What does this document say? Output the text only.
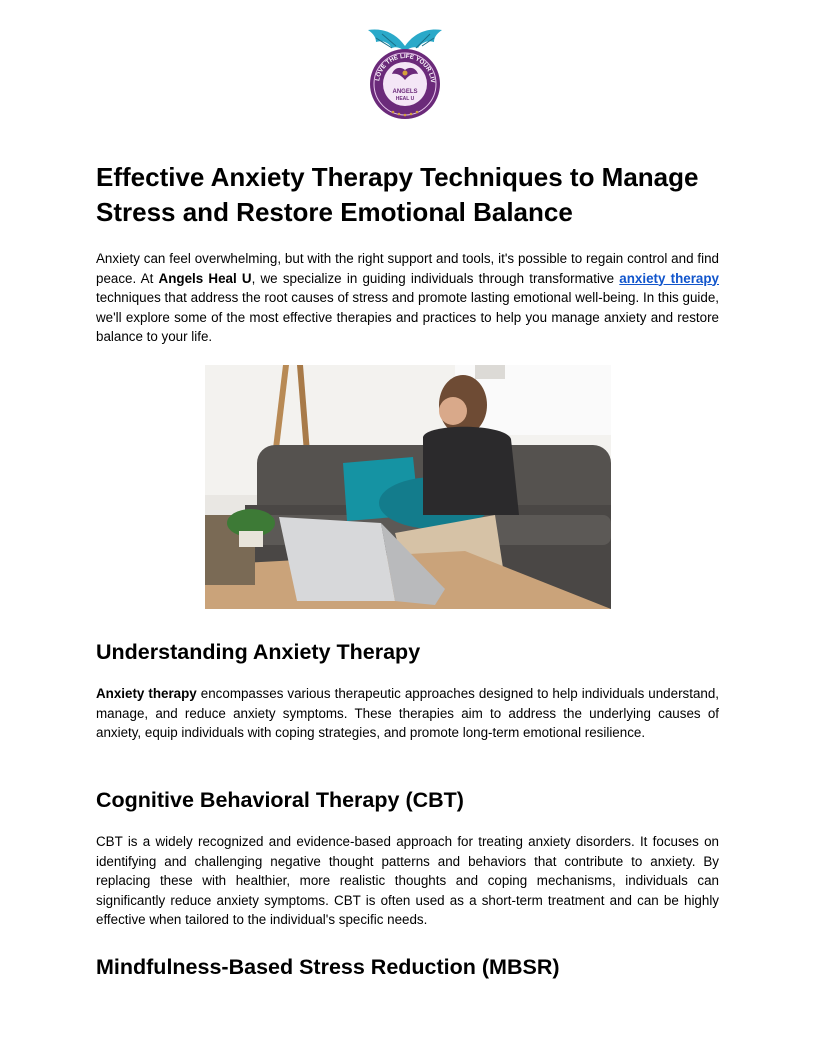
LOVE THE LIFE YOUR LIV
ANGELS
HEAL U
Effective Anxiety Therapy Techniques to Manage Stress and Restore Emotional Balance

Anxiety can feel overwhelming, but with the right support and tools, it's possible to regain control and find peace. At Angels Heal U, we specialize in guiding individuals through transformative anxiety therapy techniques that address the root causes of stress and promote lasting emotional well-being. In this guide, we'll explore some of the most effective therapies and practices to help you manage anxiety and restore balance to your life.

Understanding Anxiety Therapy

Anxiety therapy encompasses various therapeutic approaches designed to help individuals understand, manage, and reduce anxiety symptoms. These therapies aim to address the underlying causes of anxiety, equip individuals with coping strategies, and promote long-term emotional resilience.

Cognitive Behavioral Therapy (CBT)

CBT is a widely recognized and evidence-based approach for treating anxiety disorders. It focuses on identifying and challenging negative thought patterns and behaviors that contribute to anxiety. By replacing these with healthier, more realistic thoughts and coping mechanisms, individuals can significantly reduce anxiety symptoms. CBT is often used as a short-term treatment and can be highly effective when tailored to the individual's specific needs.

Mindfulness-Based Stress Reduction (MBSR)
